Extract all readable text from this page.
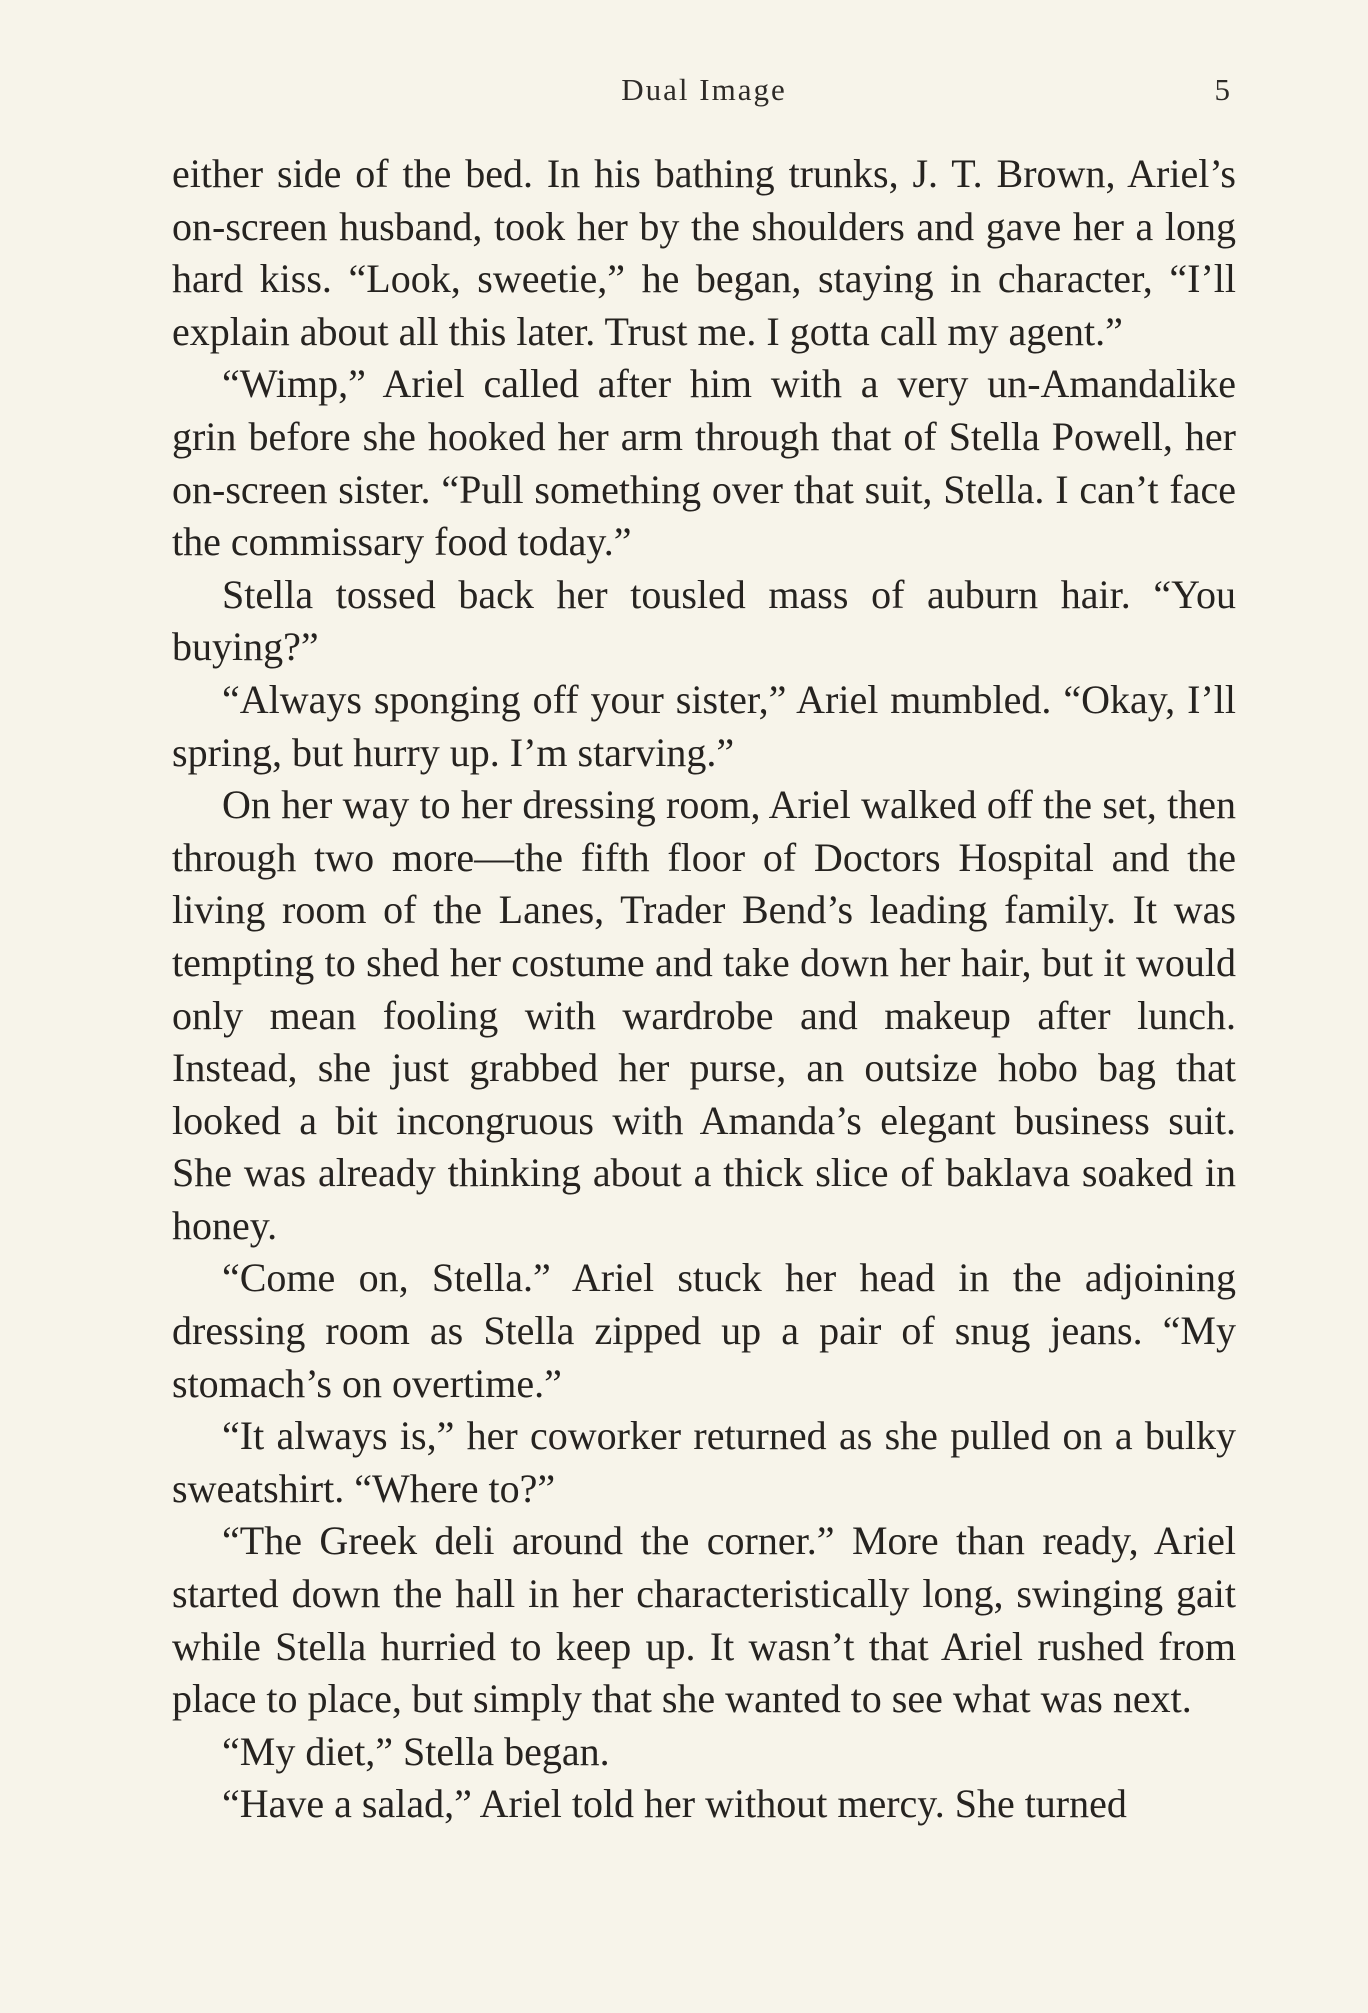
Dual Image	5

either side of the bed. In his bathing trunks, J. T. Brown, Ariel’s on-screen husband, took her by the shoulders and gave her a long hard kiss. “Look, sweetie,” he began, staying in character, “I’ll explain about all this later. Trust me. I gotta call my agent.”

“Wimp,” Ariel called after him with a very un-Amandalike grin before she hooked her arm through that of Stella Powell, her on-screen sister. “Pull something over that suit, Stella. I can’t face the commissary food today.”

Stella tossed back her tousled mass of auburn hair. “You buying?”

“Always sponging off your sister,” Ariel mumbled. “Okay, I’ll spring, but hurry up. I’m starving.”

On her way to her dressing room, Ariel walked off the set, then through two more—the fifth floor of Doctors Hospital and the living room of the Lanes, Trader Bend’s leading family. It was tempting to shed her costume and take down her hair, but it would only mean fooling with wardrobe and makeup after lunch. Instead, she just grabbed her purse, an outsize hobo bag that looked a bit incongruous with Amanda’s elegant business suit. She was already thinking about a thick slice of baklava soaked in honey.

“Come on, Stella.” Ariel stuck her head in the adjoining dressing room as Stella zipped up a pair of snug jeans. “My stomach’s on overtime.”

“It always is,” her coworker returned as she pulled on a bulky sweatshirt. “Where to?”

“The Greek deli around the corner.” More than ready, Ariel started down the hall in her characteristically long, swinging gait while Stella hurried to keep up. It wasn’t that Ariel rushed from place to place, but simply that she wanted to see what was next.

“My diet,” Stella began.

“Have a salad,” Ariel told her without mercy. She turned
